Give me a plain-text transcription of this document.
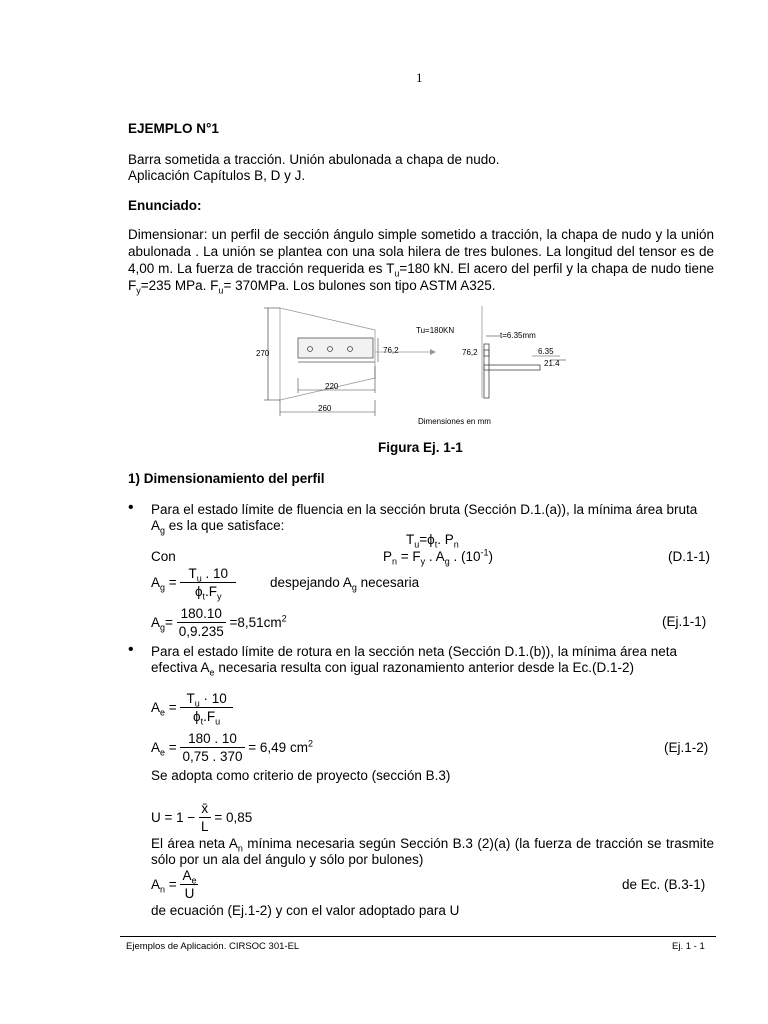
1
EJEMPLO N°1
Barra sometida a tracción. Unión abulonada a chapa de nudo.
Aplicación Capítulos B, D y J.
Enunciado:
Dimensionar: un perfil de sección ángulo simple sometido a tracción, la chapa de nudo y la unión abulonada . La unión se plantea con una sola hilera de tres bulones. La longitud del tensor es de 4,00 m. La fuerza de tracción requerida es $T_u=180$ kN. El acero del perfil y la chapa de nudo tiene $F_y=235$ MPa. $F_u= 370MPa$. Los bulones son tipo ASTM A325.
270	76,2
220
260
Tu=180KN
t=6.35mm
76,2	6.35
21.4
Dimensiones en mm
Figura Ej. 1-1
1) Dimensionamiento del perfil
• Para el estado límite de fluencia en la sección bruta (Sección D.1.(a)), la mínima área bruta
$A_g$ es la que satisface:
$T_u=\phi_t$. $P_n$
Con	$P_n = F_y$ . $A_g$ . $(10^{-1})$	(D.1-1)
$A_g = \frac{T_u . 10}{\phi_t.F_y}$	despejando $A_g$ necesaria
$A_g= \frac{180.10}{0,9.235} =8,51cm^2$	(Ej.1-1)
• Para el estado límite de rotura en la sección neta (Sección D.1.(b)), la mínima área neta
efectiva $A_e$ necesaria resulta con igual razonamiento anterior desde la Ec.(D.1-2)
$A_e = \frac{T_u \cdot 10}{\phi_t.F_u}$
$A_e = \frac{180 . 10}{0,75 . 370} = 6,49$ $cm^2$	(Ej.1-2)
Se adopta como criterio de proyecto (sección B.3)
$U = 1 - \frac{x̄}{L} = 0,85$
El área neta $A_n$ mínima necesaria según Sección B.3 (2)(a) (la fuerza de tracción se trasmite sólo por un ala del ángulo y sólo por bulones)
$A_n = \frac{A_e}{U}$	de Ec. (B.3-1)
de ecuación (Ej.1-2) y con el valor adoptado para U
Ejemplos de Aplicación. CIRSOC 301-EL	Ej. 1 - 1
